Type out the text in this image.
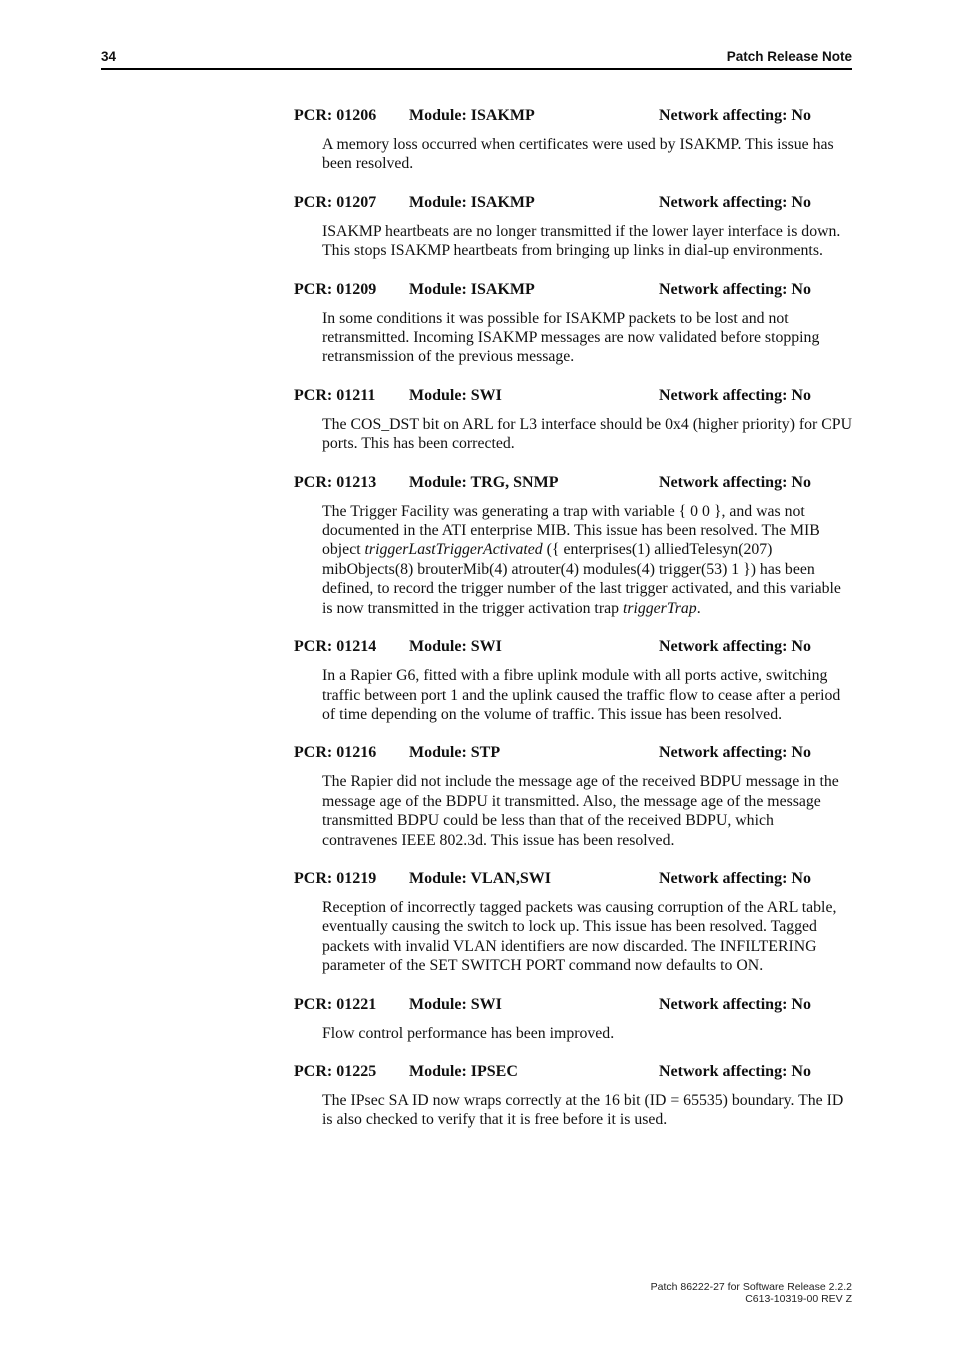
34	Patch Release Note
PCR: 01206 Module: ISAKMP	Network affecting: No
A memory loss occurred when certificates were used by ISAKMP. This issue has been resolved.
PCR: 01207 Module: ISAKMP	Network affecting: No
ISAKMP heartbeats are no longer transmitted if the lower layer interface is down. This stops ISAKMP heartbeats from bringing up links in dial-up environments.
PCR: 01209 Module: ISAKMP	Network affecting: No
In some conditions it was possible for ISAKMP packets to be lost and not retransmitted. Incoming ISAKMP messages are now validated before stopping retransmission of the previous message.
PCR: 01211 Module: SWI	Network affecting: No
The COS_DST bit on ARL for L3 interface should be 0x4 (higher priority) for CPU ports. This has been corrected.
PCR: 01213 Module: TRG, SNMP	Network affecting: No
The Trigger Facility was generating a trap with variable { 0 0 }, and was not documented in the ATI enterprise MIB. This issue has been resolved. The MIB object triggerLastTriggerActivated ({ enterprises(1) alliedTelesyn(207) mibObjects(8) brouterMib(4) atrouter(4) modules(4) trigger(53) 1 }) has been defined, to record the trigger number of the last trigger activated, and this variable is now transmitted in the trigger activation trap triggerTrap.
PCR: 01214 Module: SWI	Network affecting: No
In a Rapier G6, fitted with a fibre uplink module with all ports active, switching traffic between port 1 and the uplink caused the traffic flow to cease after a period of time depending on the volume of traffic. This issue has been resolved.
PCR: 01216 Module: STP	Network affecting: No
The Rapier did not include the message age of the received BDPU message in the message age of the BDPU it transmitted. Also, the message age of the message transmitted BDPU could be less than that of the received BDPU, which contravenes IEEE 802.3d. This issue has been resolved.
PCR: 01219 Module: VLAN,SWI	Network affecting: No
Reception of incorrectly tagged packets was causing corruption of the ARL table, eventually causing the switch to lock up. This issue has been resolved. Tagged packets with invalid VLAN identifiers are now discarded. The INFILTERING parameter of the SET SWITCH PORT command now defaults to ON.
PCR: 01221 Module: SWI	Network affecting: No
Flow control performance has been improved.
PCR: 01225 Module: IPSEC	Network affecting: No
The IPsec SA ID now wraps correctly at the 16 bit (ID = 65535) boundary. The ID is also checked to verify that it is free before it is used.
Patch 86222-27 for Software Release 2.2.2
C613-10319-00 REV Z
